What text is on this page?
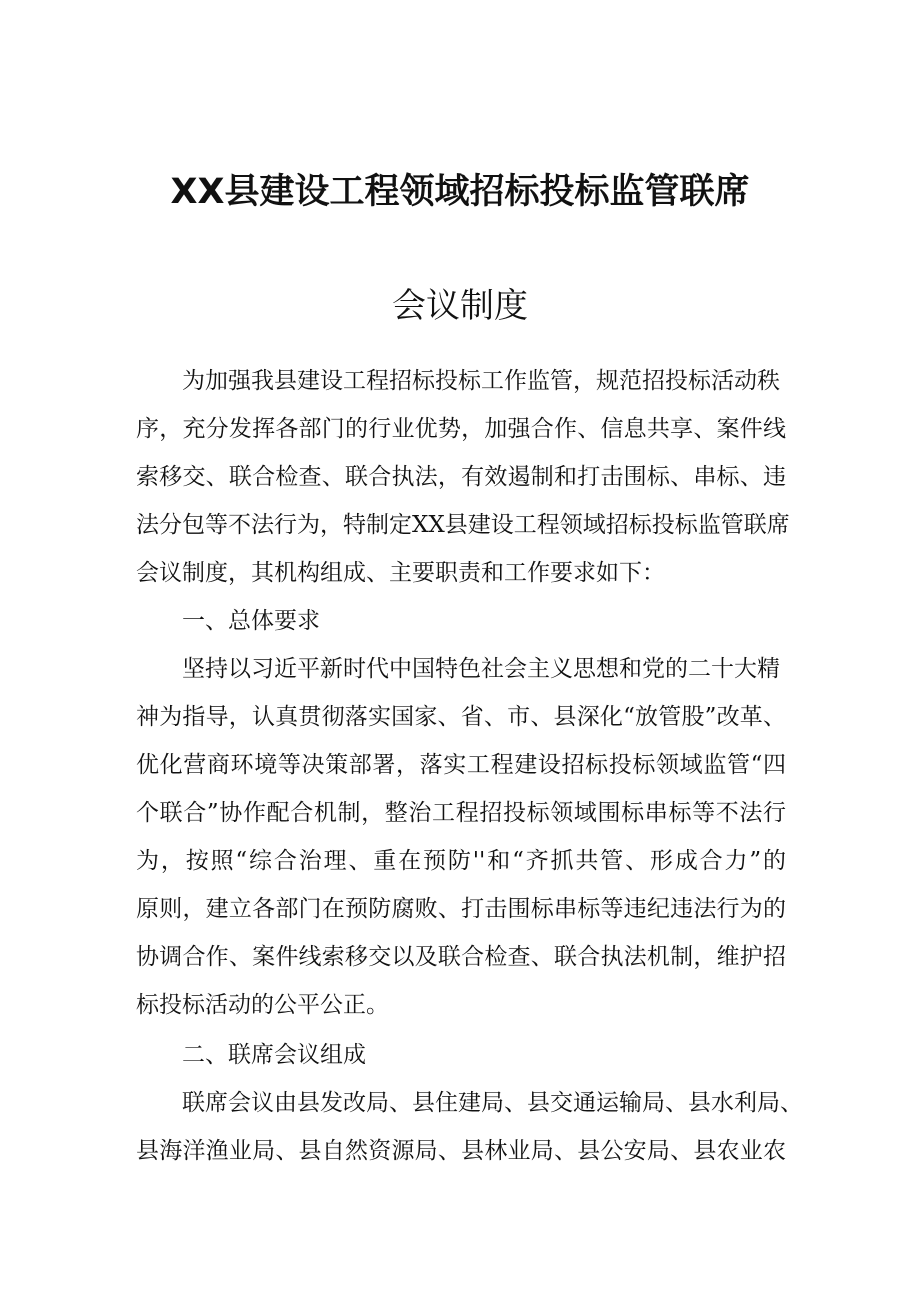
XX县建设工程领域招标投标监管联席
会议制度
为加强我县建设工程招标投标工作监管，规范招投标活动秩
序，充分发挥各部门的行业优势，加强合作、信息共享、案件线
索移交、联合检查、联合执法，有效遏制和打击围标、串标、违
法分包等不法行为，特制定XX县建设工程领域招标投标监管联席
会议制度，其机构组成、主要职责和工作要求如下：
一、总体要求
坚持以习近平新时代中国特色社会主义思想和党的二十大精
神为指导，认真贯彻落实国家、省、市、县深化“放管股”改革、
优化营商环境等决策部署，落实工程建设招标投标领域监管“四
个联合”协作配合机制，整治工程招投标领域围标串标等不法行
为，按照“综合治理、重在预防''和“齐抓共管、形成合力”的
原则，建立各部门在预防腐败、打击围标串标等违纪违法行为的
协调合作、案件线索移交以及联合检查、联合执法机制，维护招
标投标活动的公平公正。
二、联席会议组成
联席会议由县发改局、县住建局、县交通运输局、县水利局、
县海洋渔业局、县自然资源局、县林业局、县公安局、县农业农
